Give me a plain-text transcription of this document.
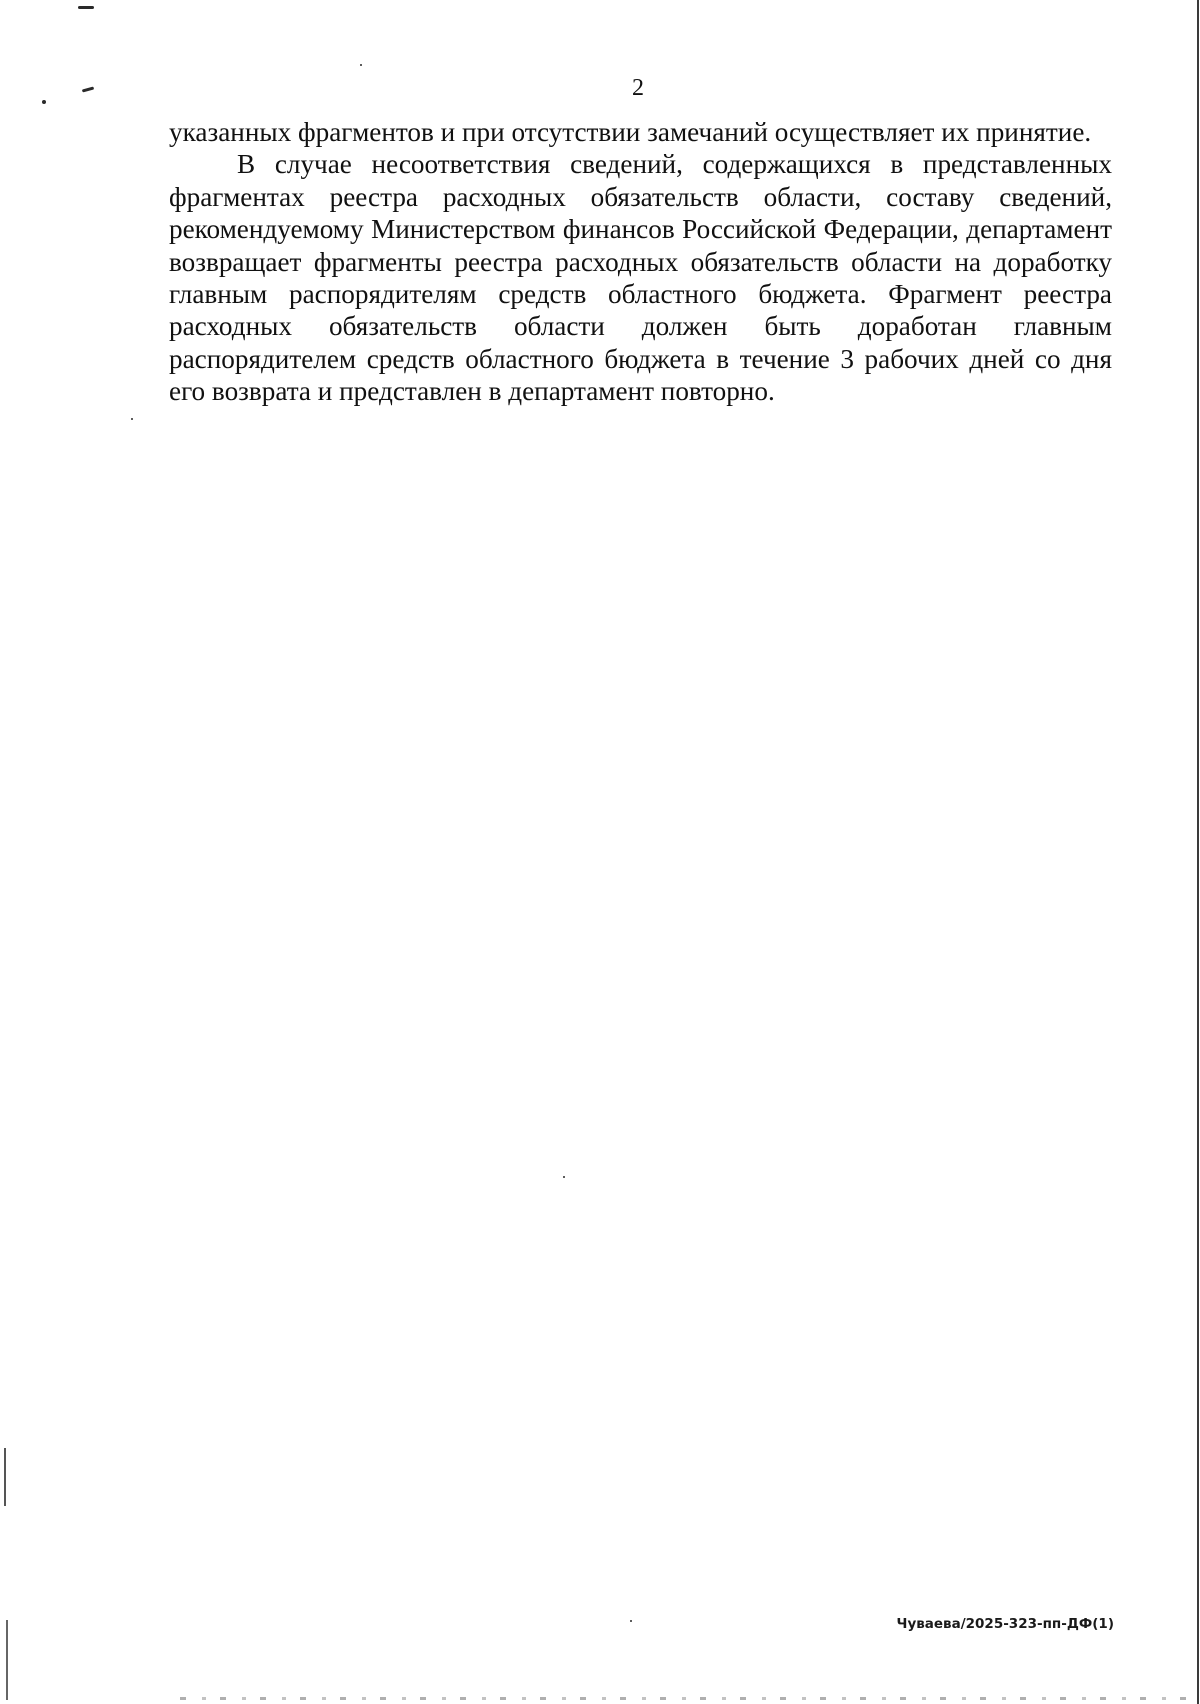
2

указанных фрагментов и при отсутствии замечаний осуществляет их принятие.

В случае несоответствия сведений, содержащихся в представленных фрагментах реестра расходных обязательств области, составу сведений, рекомендуемому Министерством финансов Российской Федерации, департамент возвращает фрагменты реестра расходных обязательств области на доработку главным распорядителям средств областного бюджета. Фрагмент реестра расходных обязательств области должен быть доработан главным распорядителем средств областного бюджета в течение 3 рабочих дней со дня его возврата и представлен в департамент повторно.

Чуваева/2025-323-пп-ДФ(1)
